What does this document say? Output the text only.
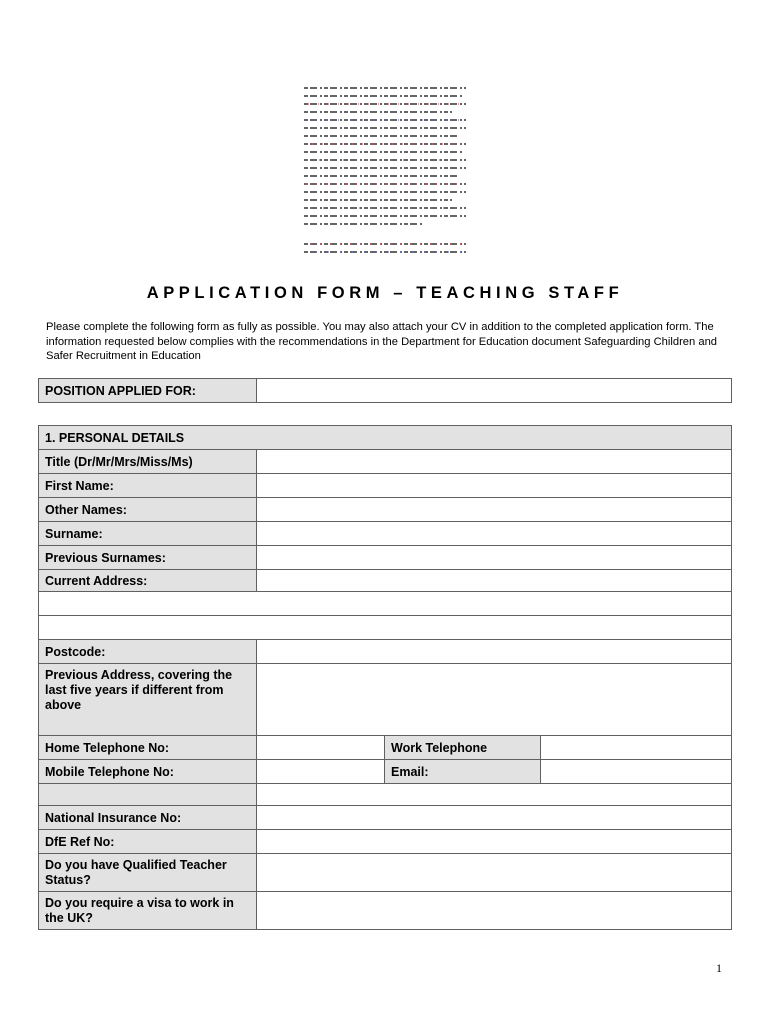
APPLICATION FORM – TEACHING STAFF
Please complete the following form as fully as possible. You may also attach your CV in addition to the completed application form. The information requested below complies with the recommendations in the Department for Education document Safeguarding Children and Safer Recruitment in Education
POSITION APPLIED FOR:	
1. PERSONAL DETAILS			
Title (Dr/Mr/Mrs/Miss/Ms)			
First Name:			
Other Names:			
Surname:			
Previous Surnames:			
Current Address:			

Postcode:			
Previous Address, covering the last five years if different from above			
Home Telephone No:		Work Telephone	
Mobile Telephone No:		Email:	

National Insurance No:			
DfE Ref No:			
Do you have Qualified Teacher Status?			
Do you require a visa to work in the UK?			
1
